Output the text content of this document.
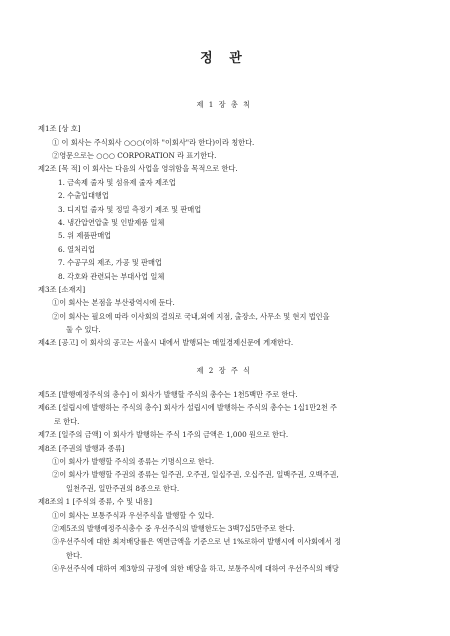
정 관
제 1 장 총 칙
제1조 [상 호]
① 이 회사는 주식회사 ○○○(이하 "이회사"라 한다)이라 칭한다.
②영문으로는 ○○○ CORPORATION 라 표기한다.
제2조 [목 적] 이 회사는 다음의 사업을 영위함을 목적으로 한다.
1. 금속제 줄자 및 섬유제 줄자 제조업
2. 수출입대행업
3. 디지털 줄자 및 정밀 측정기 제조 및 판매업
4. 냉간압연압출 및 인발제품 일체
5. 위 제품판매업
6. 열처리업
7. 수공구의 제조, 가공 및 판매업
8. 각호와 관련되는 부대사업 일체
제3조 [소재지]
①이 회사는 본점을 부산광역시에 둔다.
②이 회사는 필요에 따라 이사회의 결의로 국내,외에 지점, 출장소, 사무소 및 현지 법인을
둘 수 있다.
제4조 [공고] 이 회사의 공고는 서울시 내에서 발행되는 매일경제신문에 게재한다.
제 2 장 주 식
제5조 [발행예정주식의 총수] 이 회사가 발행할 주식의 총수는 1천5백만 주로 한다.
제6조 [설립시에 발행하는 주식의 총수] 회사가 설립시에 발행하는 주식의 총수는 1십1만2천 주
로 한다.
제7조 [일주의 금액] 이 회사가 발행하는 주식 1주의 금액은 1,000 원으로 한다.
제8조 [주권의 발행과 종류]
①이 회사가 발행할 주식의 종류는 기명식으로 한다.
②이 회사가 발행할 주권의 종류는 일주권, 오주권, 일십주권, 오십주권, 일백주권, 오백주권,
일천주권, 일만주권의 8종으로 한다.
제8조의 1 [주식의 종류, 수 및 내용]
①이 회사는 보통주식과 우선주식을 발행할 수 있다.
②제5조의 발행예정주식총수 중 우선주식의 발행한도는 3백7십5만주로 한다.
③우선주식에 대한 최저배당률은 액면금액을 기준으로 년 1%로하여 발행시에 이사회에서 정
한다.
④우선주식에 대하여 제3항의 규정에 의한 배당을 하고, 보통주식에 대하여 우선주식의 배당
